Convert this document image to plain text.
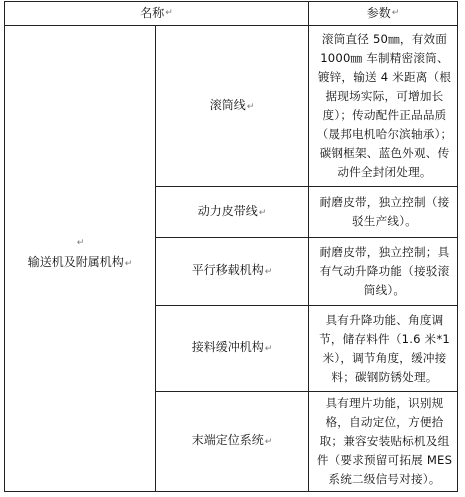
名称 ↵	参数 ↵
↵
输送机及附属机构↵
滚筒线↵
滚筒直径 50㎜，有效面 1000㎜ 车制精密滚筒、镀锌，输送 4 米距离（根据现场实际，可增加长度）；传动配件正品品质（晟邦电机哈尔滨轴承）；碳钢框架、蓝色外观、传动件全封闭处理。
动力皮带线↵
耐磨皮带，独立控制（接驳生产线）。
平行移载机构↵
耐磨皮带，独立控制；具有气动升降功能（接驳滚筒线）。
接料缓冲机构↵
具有升降功能、角度调节，储存料件（1.6 米*1 米），调节角度，缓冲接料；碳钢防锈处理。
末端定位系统↵
具有理片功能，识别规格，自动定位，方便拾取；兼容安装贴标机及组件（要求预留可拓展 MES 系统二级信号对接）。
